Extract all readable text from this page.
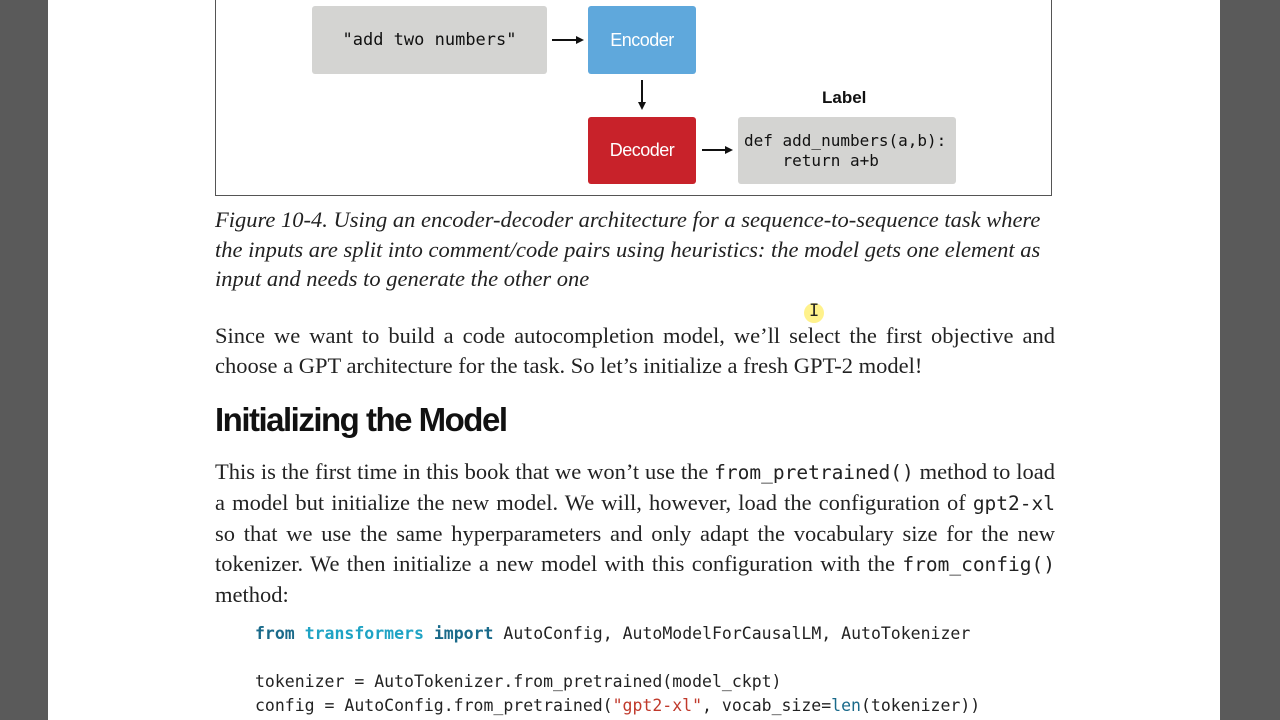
"add two numbers"	Encoder
Decoder
Label
def add_numbers(a,b):
return a+b
Figure 10-4. Using an encoder-decoder architecture for a sequence-to-sequence task where the inputs are split into comment/code pairs using heuristics: the model gets one element as input and needs to generate the other one
Since we want to build a code autocompletion model, we’ll select the first objective and choose a GPT architecture for the task. So let’s initialize a fresh GPT-2 model!
Initializing the Model
This is the first time in this book that we won’t use the from_pretrained() method to load a model but initialize the new model. We will, however, load the configuration of gpt2-xl so that we use the same hyperparameters and only adapt the vocabulary size for the new tokenizer. We then initialize a new model with this configuration with the from_config() method:
from transformers import AutoConfig, AutoModelForCausalLM, AutoTokenizer

tokenizer = AutoTokenizer.from_pretrained(model_ckpt)
config = AutoConfig.from_pretrained("gpt2-xl", vocab_size=len(tokenizer))
I
